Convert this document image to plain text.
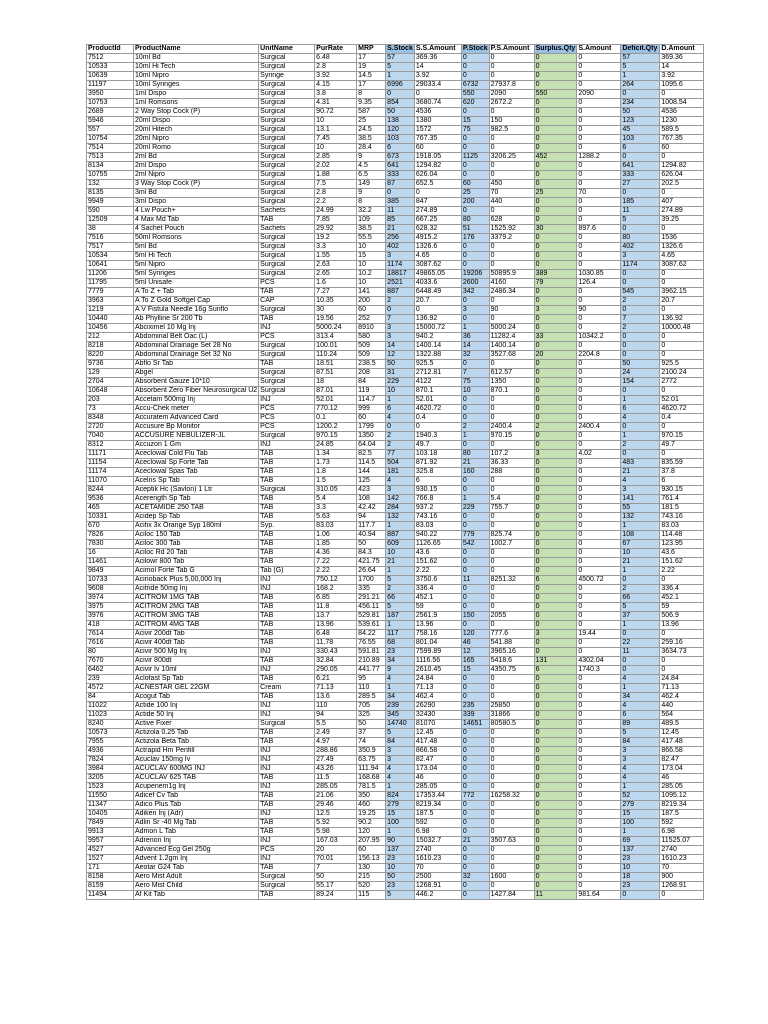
ProductId	ProductName	UnitName	PurRate	MRP	S.Stock	S.S.Amount	P.Stock	P.S.Amount	Surplus.Qty	S.Amount	Deficit.Qty	D.Amount
7512	10ml Bd	Surgical	6.48	17	57	369.36	0	0	0	0	57	369.36
10533	10ml Hi Tech	Surgical	2.8	19	5	14	0	0	0	0	5	14
10639	10ml Nipro	Syringe	3.92	14.5	1	3.92	0	0	0	0	1	3.92
11197	10ml Syringes	Surgical	4.15	17	6996	29033.4	6732	27937.8	0	0	264	1095.6
3950	1ml Dispo	Surgical	3.8	8	0	0	550	2090	550	2090	0	0
10753	1ml Romsons	Surgical	4.31	9.35	854	3680.74	620	2672.2	0	0	234	1008.54
2689	2 Way Stop Cock (P)	Surgical	90.72	587	50	4536	0	0	0	0	50	4536
5946	20ml Dispo	Surgical	10	25	138	1380	15	150	0	0	123	1230
557	20ml Hitech	Surgical	13.1	24.5	120	1572	75	982.5	0	0	45	589.5
10754	20ml Nipro	Surgical	7.45	38.5	103	767.35	0	0	0	0	103	767.35
7514	20ml Romo	Surgical	10	28.4	6	60	0	0	0	0	6	60
7513	2ml Bd	Surgical	2.85	9	673	1918.05	1125	3206.25	452	1288.2	0	0
8134	2ml Dispo	Surgical	2.02	4.5	641	1294.82	0	0	0	0	641	1294.82
10755	2ml Nipro	Surgical	1.88	6.5	333	626.04	0	0	0	0	333	626.04
132	3 Way Stop Cock (P)	Surgical	7.5	149	87	652.5	60	450	0	0	27	202.5
8135	3ml Bd	Surgical	2.8	9	0	0	25	70	25	70	0	0
9949	3ml Dispo	Surgical	2.2	8	385	847	200	440	0	0	185	407
590	4 Lw Pouch+	Sachets	24.99	32.2	11	274.89	0	0	0	0	11	274.89
12509	4 Max Md Tab	TAB	7.85	109	85	667.25	80	628	0	0	5	39.25
38	4 Sachet Pouch	Sachets	29.92	38.5	21	628.32	51	1525.92	30	897.6	0	0
7516	50ml Romsons	Surgical	19.2	55.5	256	4915.2	176	3379.2	0	0	80	1536
7517	5ml Bd	Surgical	3.3	10	402	1326.6	0	0	0	0	402	1326.6
10534	5ml Hi Tech	Surgical	1.55	15	3	4.65	0	0	0	0	3	4.65
10641	5ml Nipro	Surgical	2.63	10	1174	3087.62	0	0	0	0	1174	3087.62
11206	5ml Syringes	Surgical	2.65	10.2	18817	49865.05	19206	50895.9	389	1030.85	0	0
11795	5ml Unisafe	PCS	1.6	10	2521	4033.6	2600	4160	79	126.4	0	0
7779	A To Z + Tab	TAB	7.27	141	887	6448.49	342	2486.34	0	0	545	3962.15
3963	A To Z Gold Softgel Cap	CAP	10.35	200	2	20.7	0	0	0	0	2	20.7
1219	A V Fistula Needle 16g Sunflo	Surgical	30	60	0	0	3	90	3	90	0	0
10440	Ab Phylline Sr 200 Tb	TAB	19.56	252	7	136.92	0	0	0	0	7	136.92
10456	Abciximel 10 Mg Inj	INJ	5000.24	8910	3	15000.72	1	5000.24	0	0	2	10000.48
212	Abdominal Belt Oac (L)	PCS	313.4	580	3	940.2	36	11282.4	33	10342.2	0	0
8218	Abdominal Drainage Set 28 No	Surgical	100.01	509	14	1400.14	14	1400.14	0	0	0	0
8220	Abdominal Drainage Set 32 No	Surgical	110.24	509	12	1322.88	32	3527.68	20	2204.8	0	0
9736	Abflo Sr Tab	TAB	18.51	238.5	50	925.5	0	0	0	0	50	925.5
129	Abgel	Surgical	87.51	208	31	2712.81	7	612.57	0	0	24	2100.24
2704	Absorbent Gauze 10*10	Surgical	18	84	229	4122	75	1350	0	0	154	2772
10648	Absorbent Zero Fiber Neurosurgical U2	Surgical	87.01	119	10	870.1	10	870.1	0	0	0	0
203	Accetam 500mg Inj	INJ	52.01	114.7	1	52.01	0	0	0	0	1	52.01
73	Accu-Chek meter	PCS	770.12	999	6	4620.72	0	0	0	0	6	4620.72
8348	Accuratem Advanced Card	PCS	0.1	60	4	0.4	0	0	0	0	4	0.4
2720	Accusure Bp Monitor	PCS	1200.2	1799	0	0	2	2400.4	2	2400.4	0	0
7040	ACCUSURE NEBULIZER-JL	Surgical	970.15	1350	2	1940.3	1	970.15	0	0	1	970.15
8312	Accuzon 1 Gm	INJ	24.85	64.04	2	49.7	0	0	0	0	2	49.7
11171	Aceclowal Cold Flu Tab	TAB	1.34	82.5	77	103.18	80	107.2	3	4.02	0	0
11154	Aceclowal Sp Forte Tab	TAB	1.73	114.5	504	871.92	21	36.33	0	0	483	835.59
11174	Aceclowal Spas Tab	TAB	1.8	144	181	325.8	160	288	0	0	21	37.8
11070	Acelns Sp Tab	TAB	1.5	125	4	6	0	0	0	0	4	6
8244	Aceptik Hc (Savlon) 1 Ltr	Surgical	310.05	423	3	930.15	0	0	0	0	3	930.15
9536	Acerength Sp Tab	TAB	5.4	108	142	766.8	1	5.4	0	0	141	761.4
465	ACETAMIDE 250 TAB	TAB	3.3	42.42	284	937.2	229	755.7	0	0	55	181.5
10331	Acidep Sp Tab	TAB	5.63	94	132	743.16	0	0	0	0	132	743.16
670	Acifix 3x Orange Syp 180ml	Syp.	83.03	117.7	1	83.03	0	0	0	0	1	83.03
7826	Aciloc 150 Tab	TAB	1.06	40.94	887	940.22	779	825.74	0	0	108	114.48
7830	Aciloc 300 Tab	TAB	1.85	50	609	1126.65	542	1002.7	0	0	67	123.95
16	Aciloc Rd 20 Tab	TAB	4.36	84.3	10	43.6	0	0	0	0	10	43.6
11461	Acilowr 800 Tab	TAB	7.22	421.75	21	151.62	0	0	0	0	21	151.62
9849	Acimol Forte Tab G	Tab (G)	2.22	26.64	1	2.22	0	0	0	0	1	2.22
10733	Acinoback Plus 5,00,000 Inj	INJ	750.12	1700	5	3750.6	11	8251.32	6	4500.72	0	0
9608	Acitride 50mg Inj	INJ	168.2	335	2	336.4	0	0	0	0	2	336.4
3974	ACITROM 1MG TAB	TAB	6.85	291.21	66	452.1	0	0	0	0	66	452.1
3975	ACITROM 2MG TAB	TAB	11.8	456.11	5	59	0	0	0	0	5	59
3976	ACITROM 3MG TAB	TAB	13.7	529.81	187	2561.9	150	2055	0	0	37	506.9
418	ACITROM 4MG TAB	TAB	13.96	539.61	1	13.96	0	0	0	0	1	13.96
7614	Acivir 200dt Tab	TAB	6.48	84.22	117	758.16	120	777.6	3	19.44	0	0
7616	Acivir 400dt Tab	TAB	11.78	76.55	68	801.04	46	541.88	0	0	22	259.16
80	Acivir 500 Mg Inj	INJ	330.43	591.81	23	7599.89	12	3965.16	0	0	11	3634.73
7670	Acivir 800dt	TAB	32.84	210.89	34	1116.56	165	5418.6	131	4302.04	0	0
6462	Acivir Iv 10ml	INJ	290.05	441.77	9	2610.45	15	4350.75	6	1740.3	0	0
239	Aclofast Sp Tab	TAB	6.21	95	4	24.84	0	0	0	0	4	24.84
4572	ACNESTAR GEL 22GM	Cream	71.13	110	1	71.13	0	0	0	0	1	71.13
84	Acogut Tab	TAB	13.6	289.5	34	462.4	0	0	0	0	34	462.4
11022	Actide 100 Inj	INJ	110	705	239	26290	235	25850	0	0	4	440
11023	Actide 50 Inj	INJ	94	325	345	32430	339	31866	0	0	6	564
8240	Active Fixer	Surgical	5.5	50	14740	81070	14651	80580.5	0	0	89	489.5
10573	Actizola 0.25 Tab	TAB	2.49	37	5	12.45	0	0	0	0	5	12.45
7955	Actizola Beta Tab	TAB	4.97	74	84	417.48	0	0	0	0	84	417.48
4936	Actrapid Hm Penfill	INJ	288.86	350.9	3	866.58	0	0	0	0	3	866.58
7824	Acuclav 150mg Iv	INJ	27.49	63.75	3	82.47	0	0	0	0	3	82.47
3984	ACUCLAV 600MG INJ	INJ	43.26	111.94	4	173.04	0	0	0	0	4	173.04
3205	ACUCLAV 625 TAB	TAB	11.5	168.68	4	46	0	0	0	0	4	46
1523	Acupenem1g Inj	INJ	285.05	781.5	1	285.05	0	0	0	0	1	285.05
11550	Adicef Cv Tab	TAB	21.06	350	824	17353.44	772	16258.32	0	0	52	1095.12
11347	Adico Plus Tab	TAB	29.46	460	279	8219.34	0	0	0	0	279	8219.34
10405	Adiken Inj (Adr)	INJ	12.5	19.25	15	187.5	0	0	0	0	15	187.5
7849	Adlin Sr -40 Mg Tab	TAB	5.92	90.2	100	592	0	0	0	0	100	592
9913	Admon L Tab	TAB	5.98	120	1	6.98	0	0	0	0	1	6.98
9957	Adrenon Inj	INJ	167.03	207.95	90	15032.7	21	3507.63	0	0	69	11525.07
4527	Advanced Ecg Gel 250g	PCS	20	60	137	2740	0	0	0	0	137	2740
1527	Advent 1.2gm Inj	INJ	70.01	156.13	23	1610.23	0	0	0	0	23	1610.23
171	Aeotar G24 Tab	TAB	7	130	10	70	0	0	0	0	10	70
8158	Aero Mist Adult	Surgical	50	215	50	2500	32	1600	0	0	18	900
8159	Aero Mist Child	Surgical	55.17	520	23	1268.91	0	0	0	0	23	1268.91
11494	Af Kit Tab	TAB	89.24	115	5	446.2	0	1427.84	11	981.64	0	0
